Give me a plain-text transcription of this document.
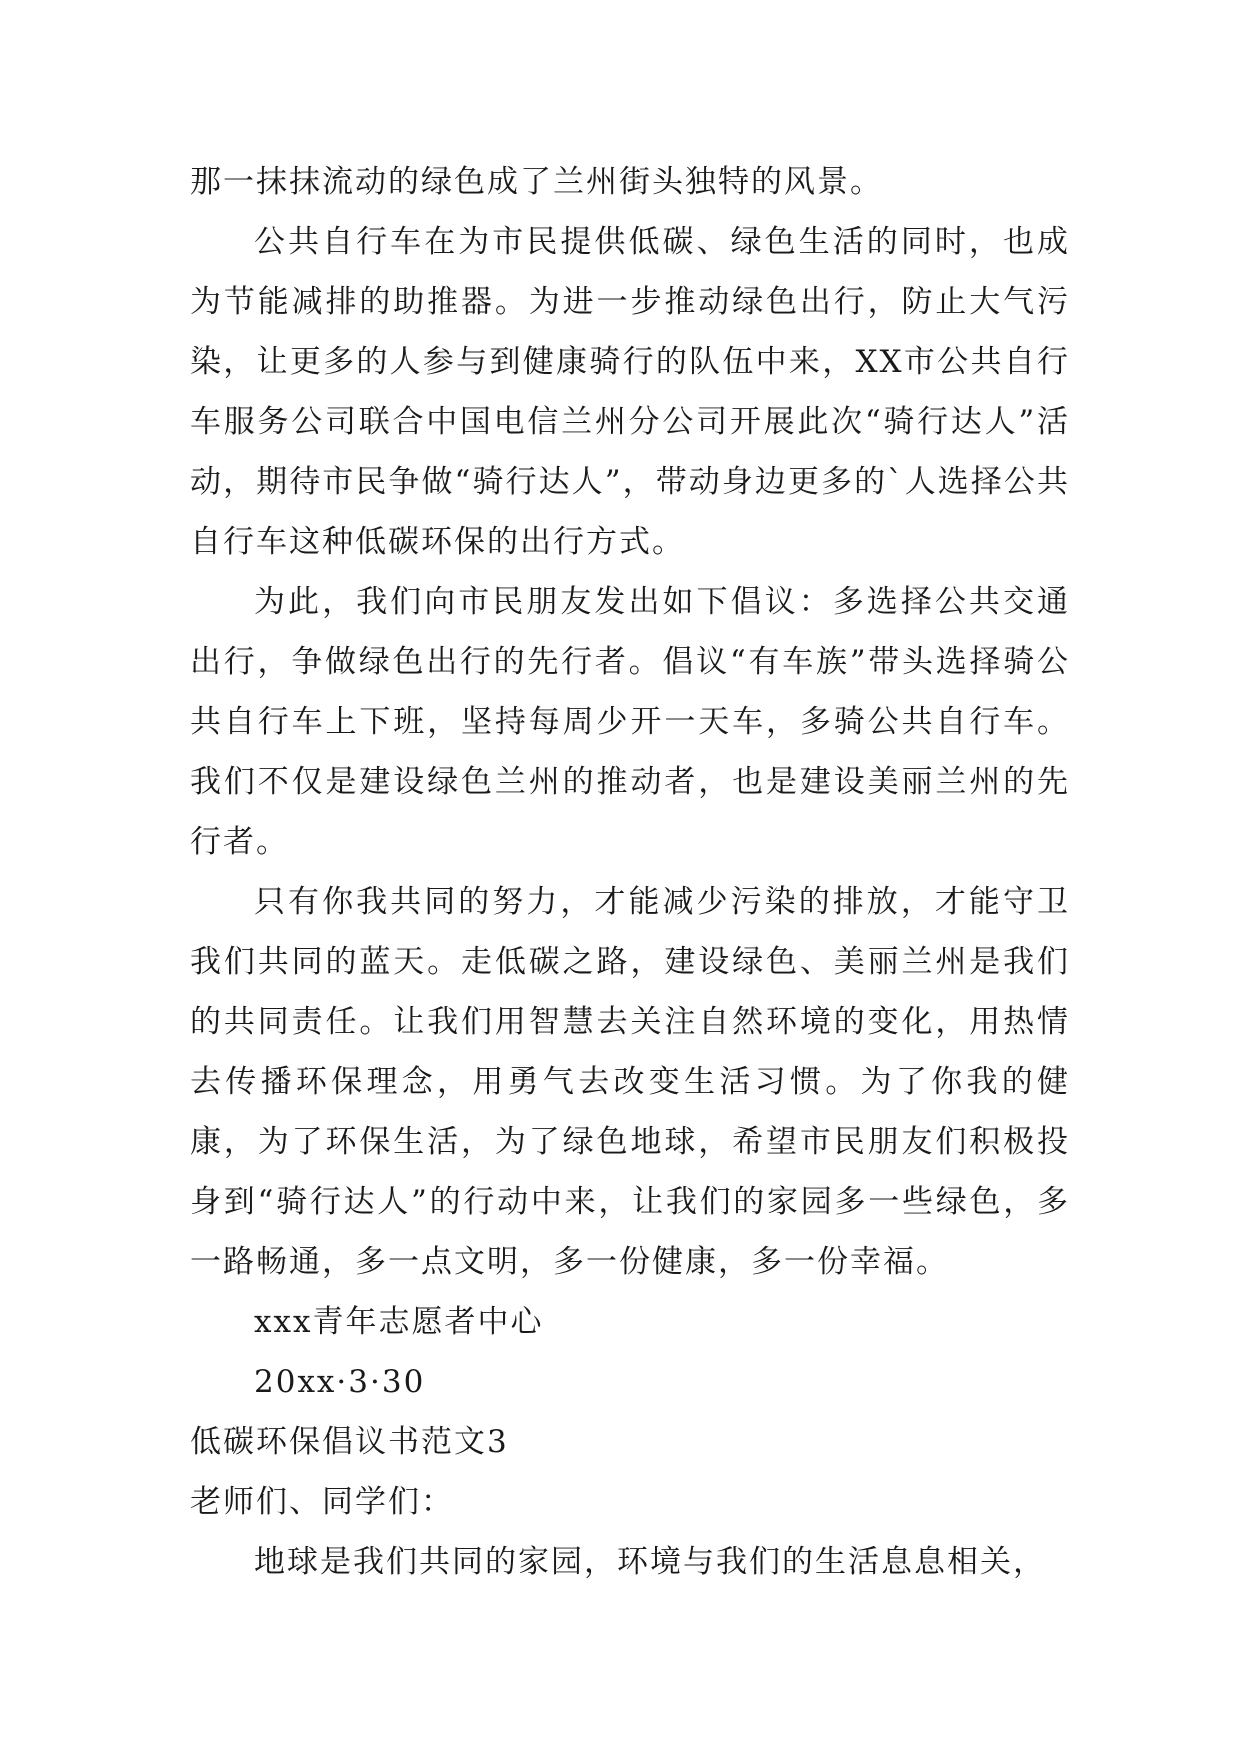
那一抹抹流动的绿色成了兰州街头独特的风景。

公共自行车在为市民提供低碳、绿色生活的同时，也成为节能减排的助推器。为进一步推动绿色出行，防止大气污染，让更多的人参与到健康骑行的队伍中来，XX市公共自行车服务公司联合中国电信兰州分公司开展此次“骑行达人”活动，期待市民争做“骑行达人”，带动身边更多的`人选择公共自行车这种低碳环保的出行方式。

为此，我们向市民朋友发出如下倡议：多选择公共交通出行，争做绿色出行的先行者。倡议“有车族”带头选择骑公共自行车上下班，坚持每周少开一天车，多骑公共自行车。我们不仅是建设绿色兰州的推动者，也是建设美丽兰州的先行者。

只有你我共同的努力，才能减少污染的排放，才能守卫我们共同的蓝天。走低碳之路，建设绿色、美丽兰州是我们的共同责任。让我们用智慧去关注自然环境的变化，用热情去传播环保理念，用勇气去改变生活习惯。为了你我的健康，为了环保生活，为了绿色地球，希望市民朋友们积极投身到“骑行达人”的行动中来，让我们的家园多一些绿色，多一路畅通，多一点文明，多一份健康，多一份幸福。

xxx青年志愿者中心

20xx·3·30

低碳环保倡议书范文3

老师们、同学们：

地球是我们共同的家园，环境与我们的生活息息相关，
